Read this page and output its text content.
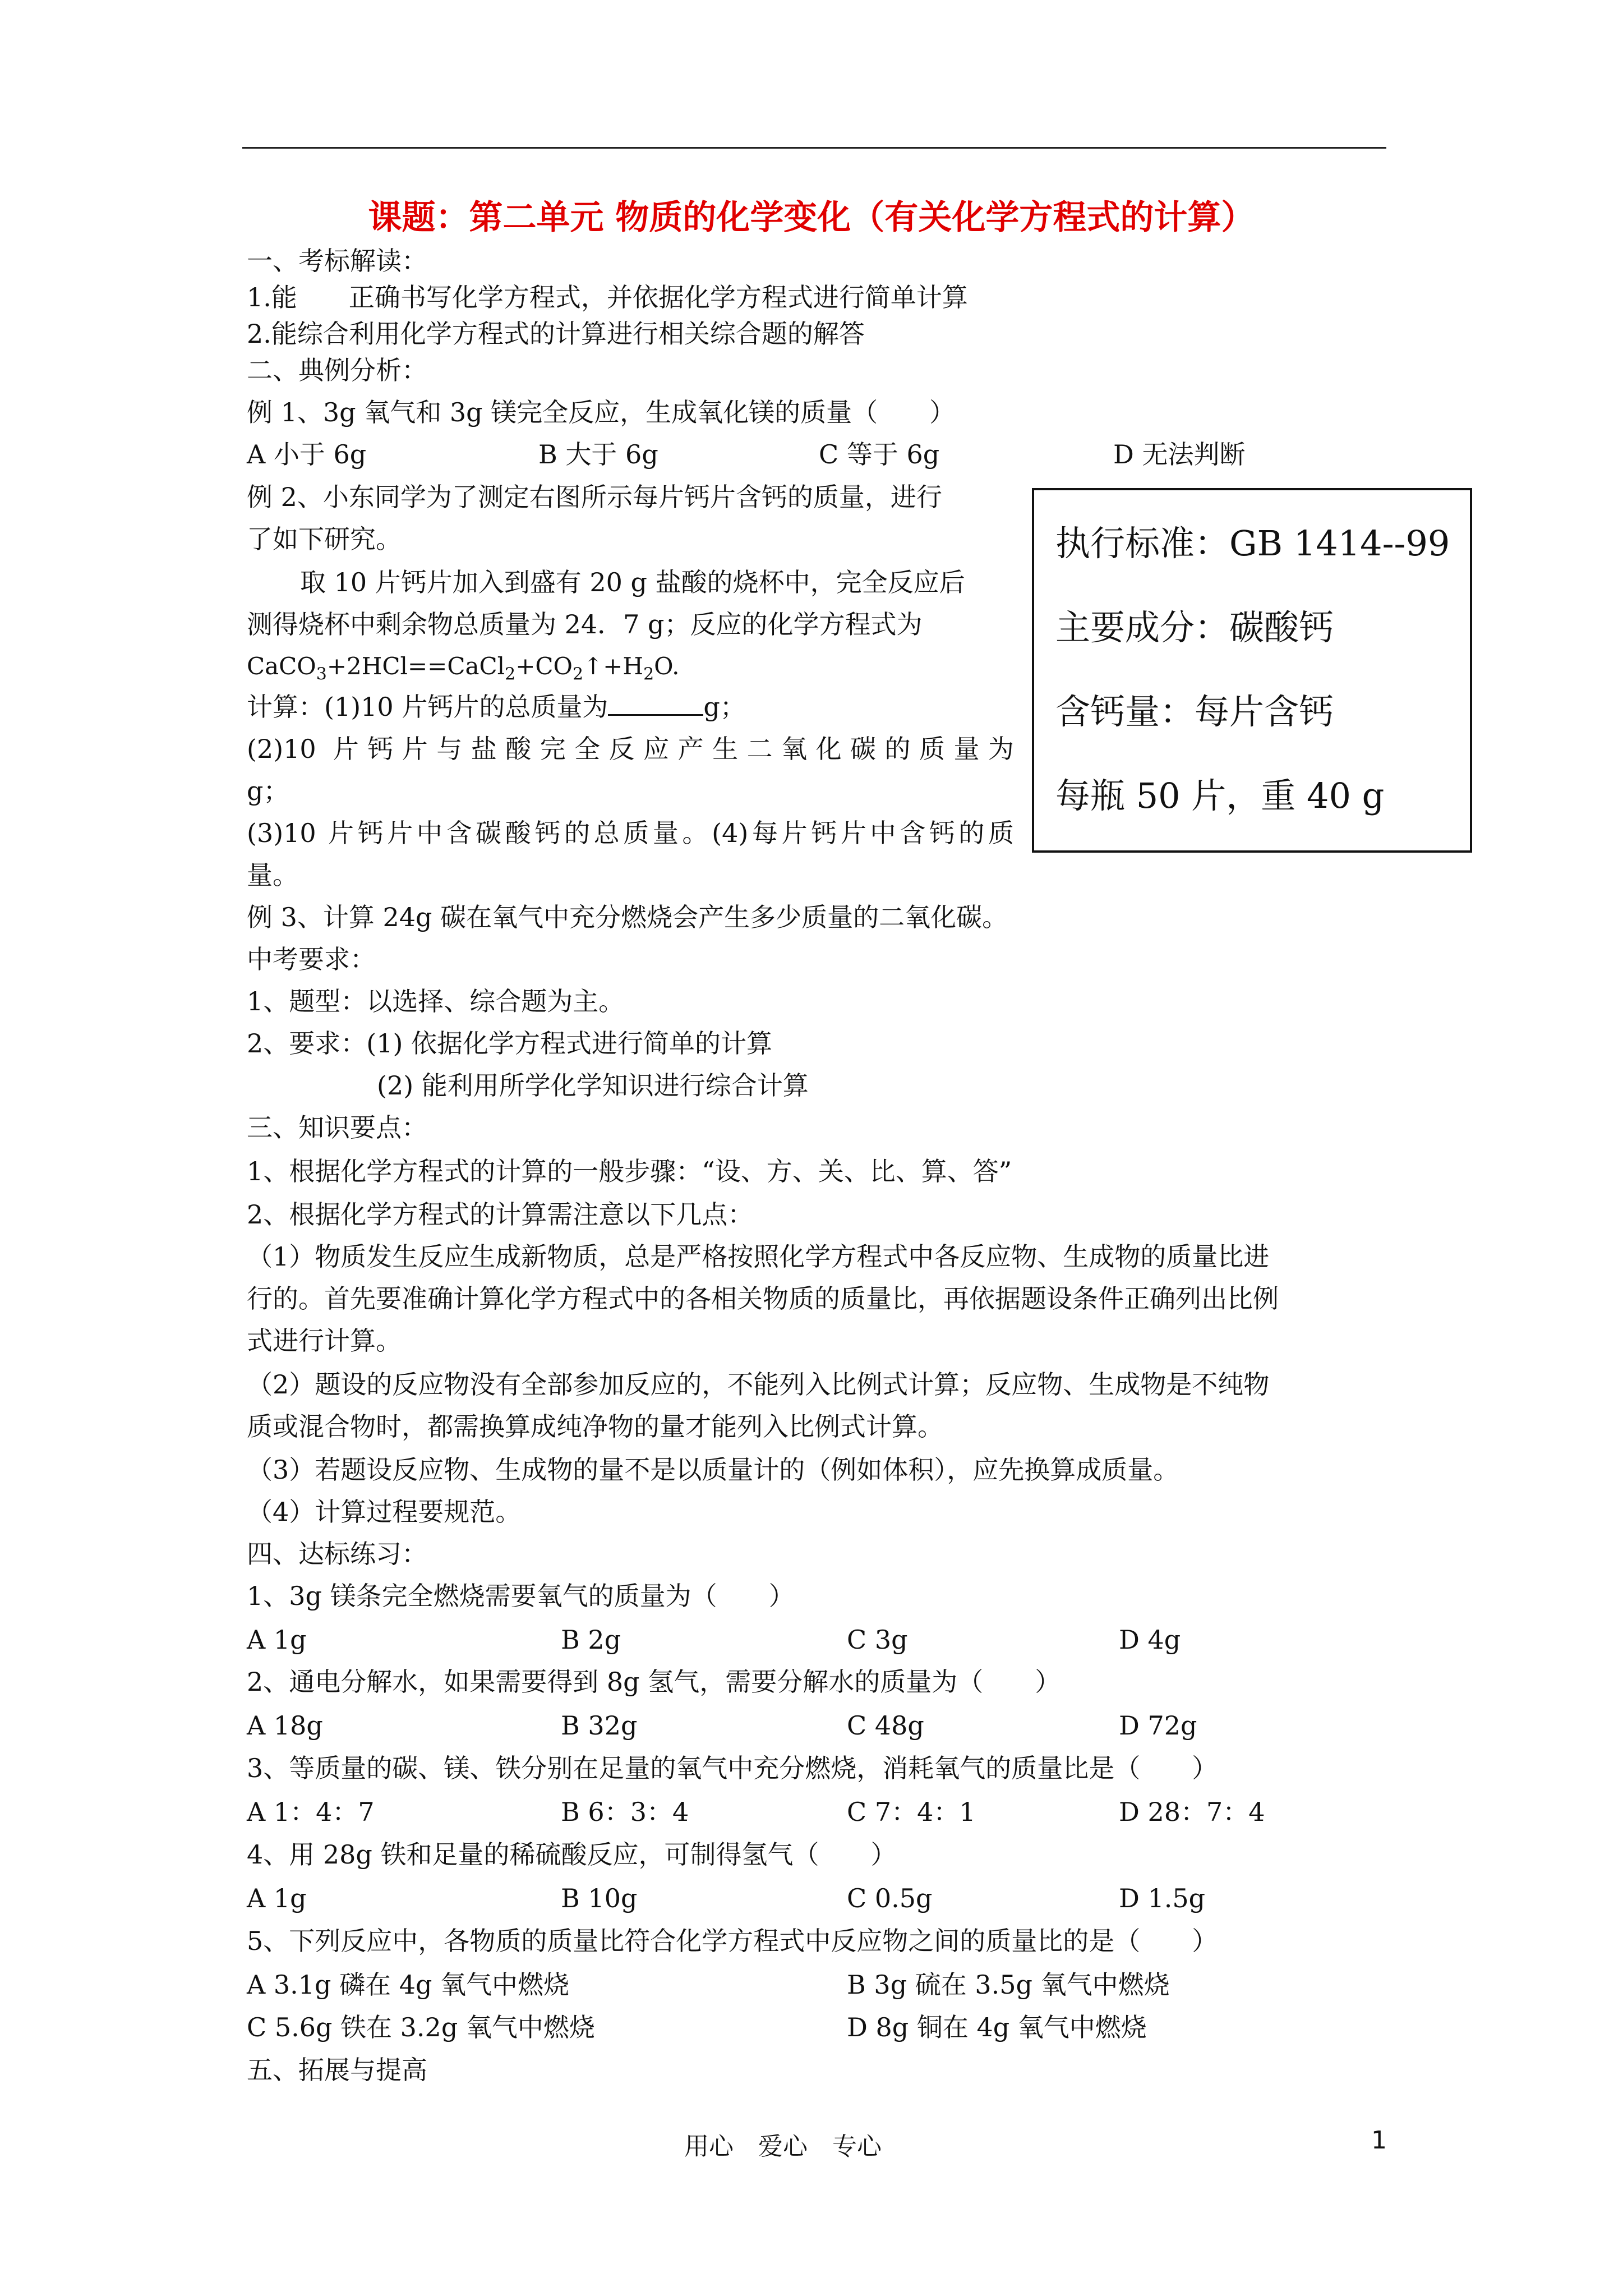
课题：第二单元 物质的化学变化（有关化学方程式的计算）
一、考标解读：
1.能　　正确书写化学方程式，并依据化学方程式进行简单计算
2.能综合利用化学方程式的计算进行相关综合题的解答
二、典例分析：
例 1、3g 氧气和 3g 镁完全反应，生成氧化镁的质量（　　）
A 小于 6g	B 大于 6g	C 等于 6g	D 无法判断
例 2、小东同学为了测定右图所示每片钙片含钙的质量，进行
了如下研究。
取 10 片钙片加入到盛有 20 g 盐酸的烧杯中，完全反应后
测得烧杯中剩余物总质量为 24．7 g；反应的化学方程式为
$CaCO_3+2HCl==CaCl_2+CO_2↑+H_2O$.
计算：(1)10 片钙片的总质量为	g；
(2)10 片钙片与盐酸完全反应产生二氧化碳的质量为
g；
(3)10 片钙片中含碳酸钙的总质量。(4)每片钙片中含钙的质
量。
执行标准：GB 1414--99
主要成分：碳酸钙
含钙量：每片含钙
每瓶 50 片，重 40 g
例 3、计算 24g 碳在氧气中充分燃烧会产生多少质量的二氧化碳。
中考要求：
1、题型：以选择、综合题为主。
2、要求：(1) 依据化学方程式进行简单的计算
(2) 能利用所学化学知识进行综合计算
三、知识要点：
1、根据化学方程式的计算的一般步骤：“设、方、关、比、算、答”
2、根据化学方程式的计算需注意以下几点：
（1）物质发生反应生成新物质，总是严格按照化学方程式中各反应物、生成物的质量比进
行的。首先要准确计算化学方程式中的各相关物质的质量比，再依据题设条件正确列出比例
式进行计算。
（2）题设的反应物没有全部参加反应的，不能列入比例式计算；反应物、生成物是不纯物
质或混合物时，都需换算成纯净物的量才能列入比例式计算。
（3）若题设反应物、生成物的量不是以质量计的（例如体积），应先换算成质量。
（4）计算过程要规范。
四、达标练习：
1、3g 镁条完全燃烧需要氧气的质量为（　　）
A 1g	B 2g	C 3g	D 4g
2、通电分解水，如果需要得到 8g 氢气，需要分解水的质量为（　　）
A 18g	B 32g	C 48g	D 72g
3、等质量的碳、镁、铁分别在足量的氧气中充分燃烧，消耗氧气的质量比是（　　）
A 1：4：7	B 6：3：4	C 7：4：1	D 28：7：4
4、用 28g 铁和足量的稀硫酸反应，可制得氢气（　　）
A 1g	B 10g	C 0.5g	D 1.5g
5、下列反应中，各物质的质量比符合化学方程式中反应物之间的质量比的是（　　）
A 3.1g 磷在 4g 氧气中燃烧	B 3g 硫在 3.5g 氧气中燃烧
C 5.6g 铁在 3.2g 氧气中燃烧	D 8g 铜在 4g 氧气中燃烧
五、拓展与提高
用心　爱心　专心	1
